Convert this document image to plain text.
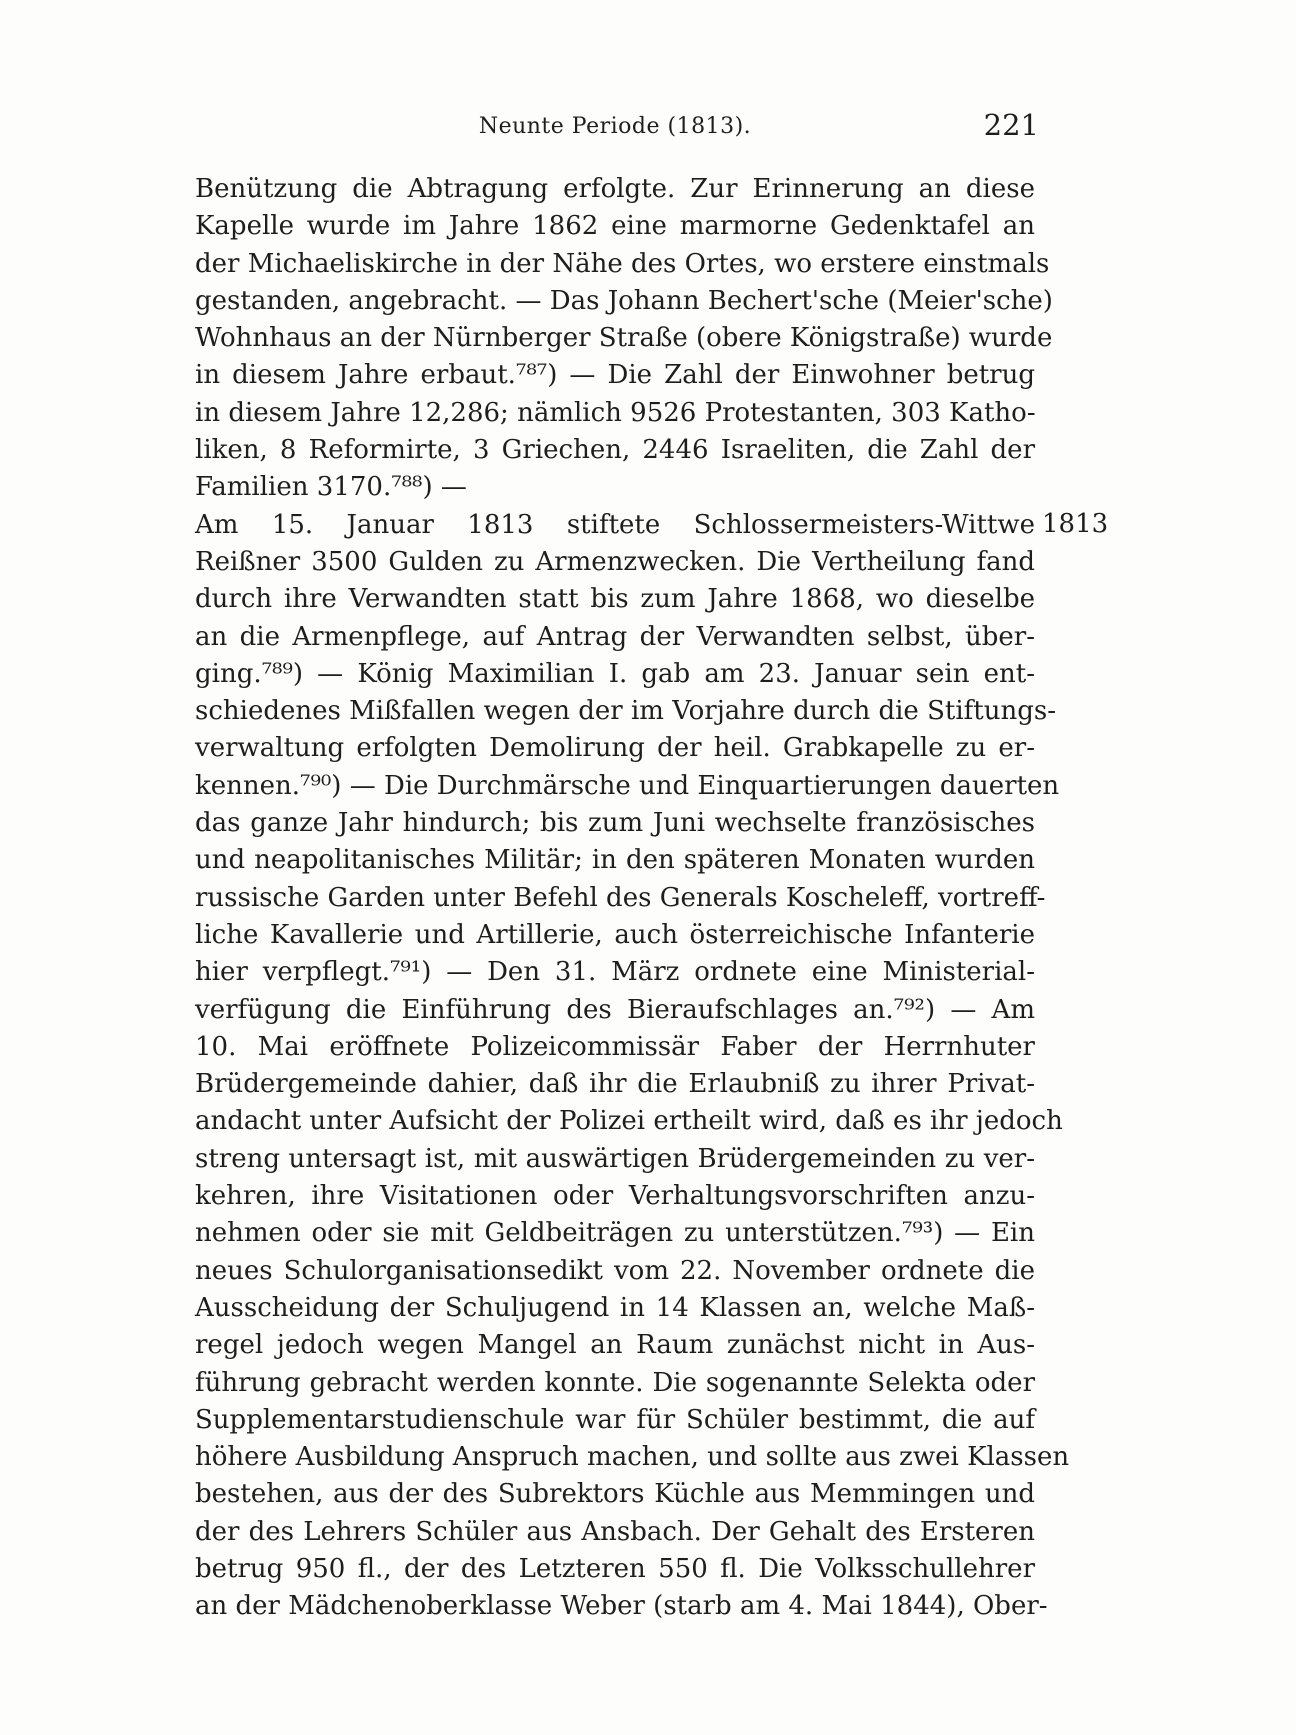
Neunte Periode (1813).	221
1813
Benützung die Abtragung erfolgte. Zur Erinnerung an diese
Kapelle wurde im Jahre 1862 eine marmorne Gedenktafel an
der Michaeliskirche in der Nähe des Ortes, wo erstere einstmals
gestanden, angebracht. — Das Johann Bechert'sche (Meier'sche)
Wohnhaus an der Nürnberger Straße (obere Königstraße) wurde
in diesem Jahre erbaut.⁷⁸⁷) — Die Zahl der Einwohner betrug
in diesem Jahre 12,286; nämlich 9526 Protestanten, 303 Katho-
liken, 8 Reformirte, 3 Griechen, 2446 Israeliten, die Zahl der
Familien 3170.⁷⁸⁸) —
Am 15. Januar 1813 stiftete Schlossermeisters-Wittwe
Reißner 3500 Gulden zu Armenzwecken. Die Vertheilung fand
durch ihre Verwandten statt bis zum Jahre 1868, wo dieselbe
an die Armenpflege, auf Antrag der Verwandten selbst, über-
ging.⁷⁸⁹) — König Maximilian I. gab am 23. Januar sein ent-
schiedenes Mißfallen wegen der im Vorjahre durch die Stiftungs-
verwaltung erfolgten Demolirung der heil. Grabkapelle zu er-
kennen.⁷⁹⁰) — Die Durchmärsche und Einquartierungen dauerten
das ganze Jahr hindurch; bis zum Juni wechselte französisches
und neapolitanisches Militär; in den späteren Monaten wurden
russische Garden unter Befehl des Generals Koscheleff, vortreff-
liche Kavallerie und Artillerie, auch österreichische Infanterie
hier verpflegt.⁷⁹¹) — Den 31. März ordnete eine Ministerial-
verfügung die Einführung des Bieraufschlages an.⁷⁹²) — Am
10. Mai eröffnete Polizeicommissär Faber der Herrnhuter
Brüdergemeinde dahier, daß ihr die Erlaubniß zu ihrer Privat-
andacht unter Aufsicht der Polizei ertheilt wird, daß es ihr jedoch
streng untersagt ist, mit auswärtigen Brüdergemeinden zu ver-
kehren, ihre Visitationen oder Verhaltungsvorschriften anzu-
nehmen oder sie mit Geldbeiträgen zu unterstützen.⁷⁹³) — Ein
neues Schulorganisationsedikt vom 22. November ordnete die
Ausscheidung der Schuljugend in 14 Klassen an, welche Maß-
regel jedoch wegen Mangel an Raum zunächst nicht in Aus-
führung gebracht werden konnte. Die sogenannte Selekta oder
Supplementarstudienschule war für Schüler bestimmt, die auf
höhere Ausbildung Anspruch machen, und sollte aus zwei Klassen
bestehen, aus der des Subrektors Küchle aus Memmingen und
der des Lehrers Schüler aus Ansbach. Der Gehalt des Ersteren
betrug 950 fl., der des Letzteren 550 fl. Die Volksschullehrer
an der Mädchenoberklasse Weber (starb am 4. Mai 1844), Ober-
